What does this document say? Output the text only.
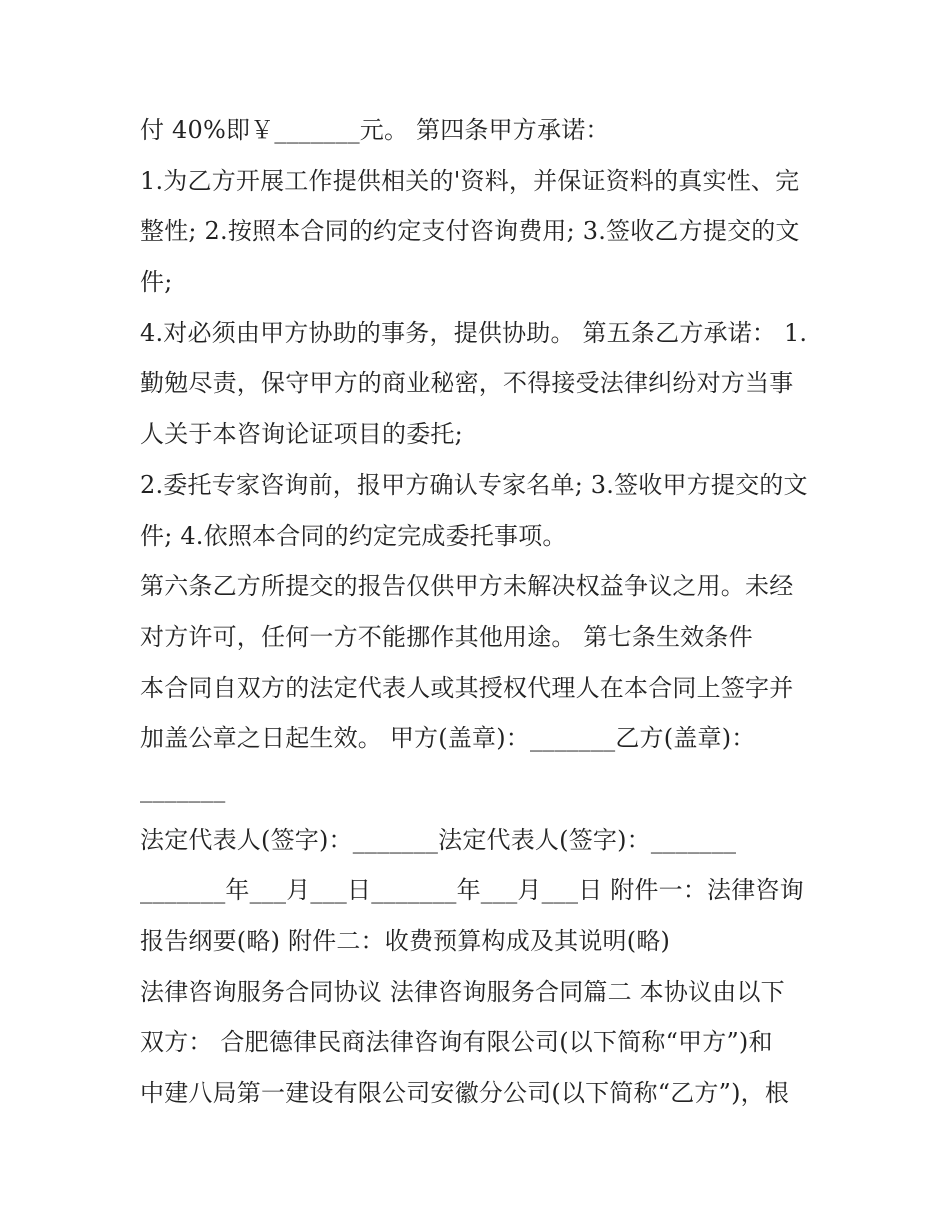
付 40%即￥_______元。 第四条甲方承诺：
1.为乙方开展工作提供相关的'资料，并保证资料的真实性、完
整性; 2.按照本合同的约定支付咨询费用; 3.签收乙方提交的文
件;
4.对必须由甲方协助的事务，提供协助。 第五条乙方承诺： 1.
勤勉尽责，保守甲方的商业秘密，不得接受法律纠纷对方当事
人关于本咨询论证项目的委托;
2.委托专家咨询前，报甲方确认专家名单; 3.签收甲方提交的文
件; 4.依照本合同的约定完成委托事项。
第六条乙方所提交的报告仅供甲方未解决权益争议之用。未经
对方许可，任何一方不能挪作其他用途。 第七条生效条件
本合同自双方的法定代表人或其授权代理人在本合同上签字并
加盖公章之日起生效。 甲方(盖章)：_______乙方(盖章)：
_______
法定代表人(签字)：_______法定代表人(签字)：_______
_______年___月___日_______年___月___日 附件一：法律咨询
报告纲要(略) 附件二：收费预算构成及其说明(略)
法律咨询服务合同协议 法律咨询服务合同篇二 本协议由以下
双方： 合肥德律民商法律咨询有限公司(以下简称“甲方”)和
中建八局第一建设有限公司安徽分公司(以下简称“乙方”)，根
